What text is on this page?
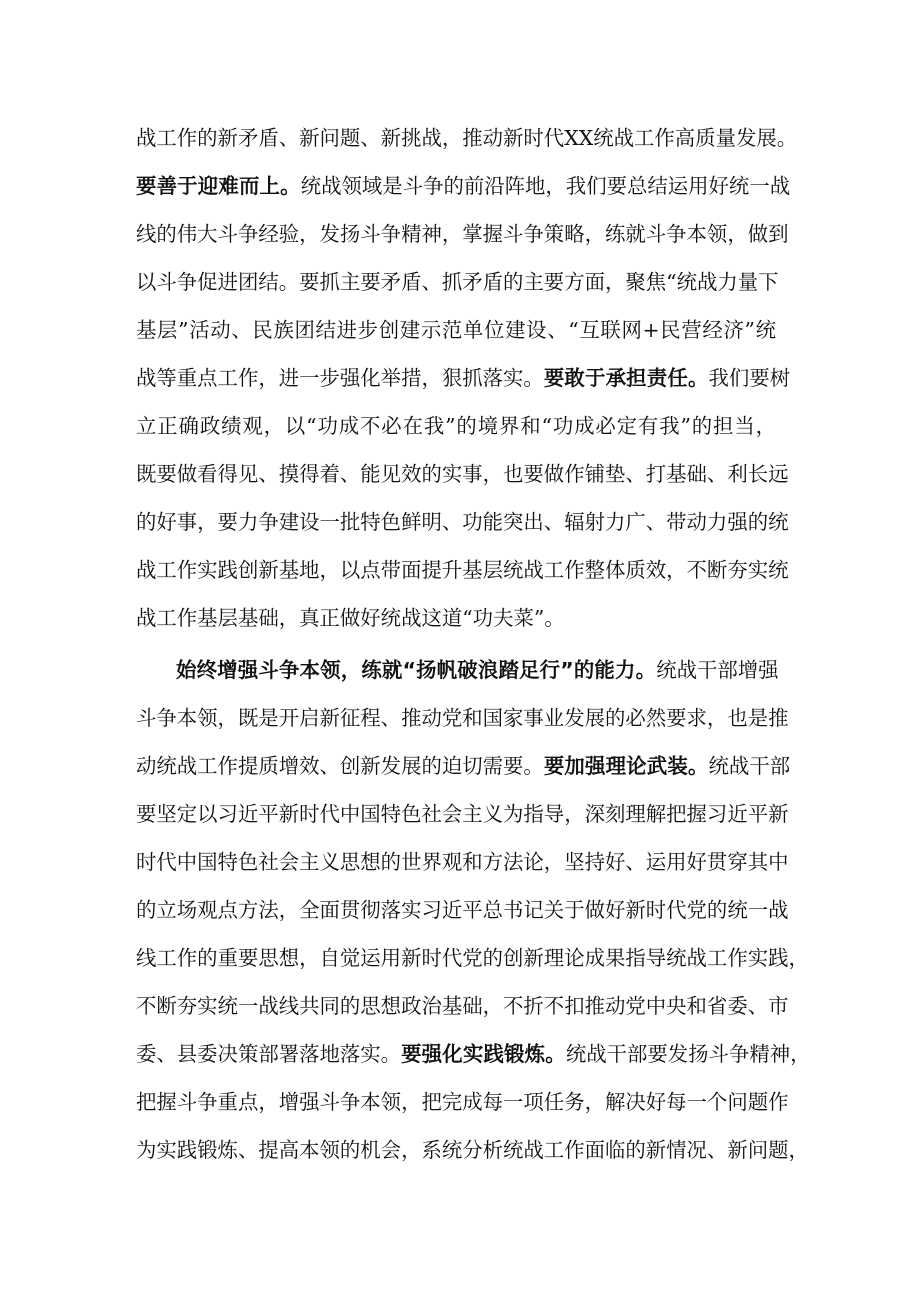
战工作的新矛盾、新问题、新挑战，推动新时代XX统战工作高质量发展。
要善于迎难而上。统战领域是斗争的前沿阵地，我们要总结运用好统一战
线的伟大斗争经验，发扬斗争精神，掌握斗争策略，练就斗争本领，做到
以斗争促进团结。要抓主要矛盾、抓矛盾的主要方面，聚焦“统战力量下
基层”活动、民族团结进步创建示范单位建设、“互联网+民营经济”统
战等重点工作，进一步强化举措，狠抓落实。要敢于承担责任。我们要树
立正确政绩观，以“功成不必在我”的境界和“功成必定有我”的担当，
既要做看得见、摸得着、能见效的实事，也要做作铺垫、打基础、利长远
的好事，要力争建设一批特色鲜明、功能突出、辐射力广、带动力强的统
战工作实践创新基地，以点带面提升基层统战工作整体质效，不断夯实统
战工作基层基础，真正做好统战这道“功夫菜”。
始终增强斗争本领，练就“扬帆破浪踏足行”的能力。统战干部增强
斗争本领，既是开启新征程、推动党和国家事业发展的必然要求，也是推
动统战工作提质增效、创新发展的迫切需要。要加强理论武装。统战干部
要坚定以习近平新时代中国特色社会主义为指导，深刻理解把握习近平新
时代中国特色社会主义思想的世界观和方法论，坚持好、运用好贯穿其中
的立场观点方法，全面贯彻落实习近平总书记关于做好新时代党的统一战
线工作的重要思想，自觉运用新时代党的创新理论成果指导统战工作实践，
不断夯实统一战线共同的思想政治基础，不折不扣推动党中央和省委、市
委、县委决策部署落地落实。要强化实践锻炼。统战干部要发扬斗争精神，
把握斗争重点，增强斗争本领，把完成每一项任务，解决好每一个问题作
为实践锻炼、提高本领的机会，系统分析统战工作面临的新情况、新问题，
